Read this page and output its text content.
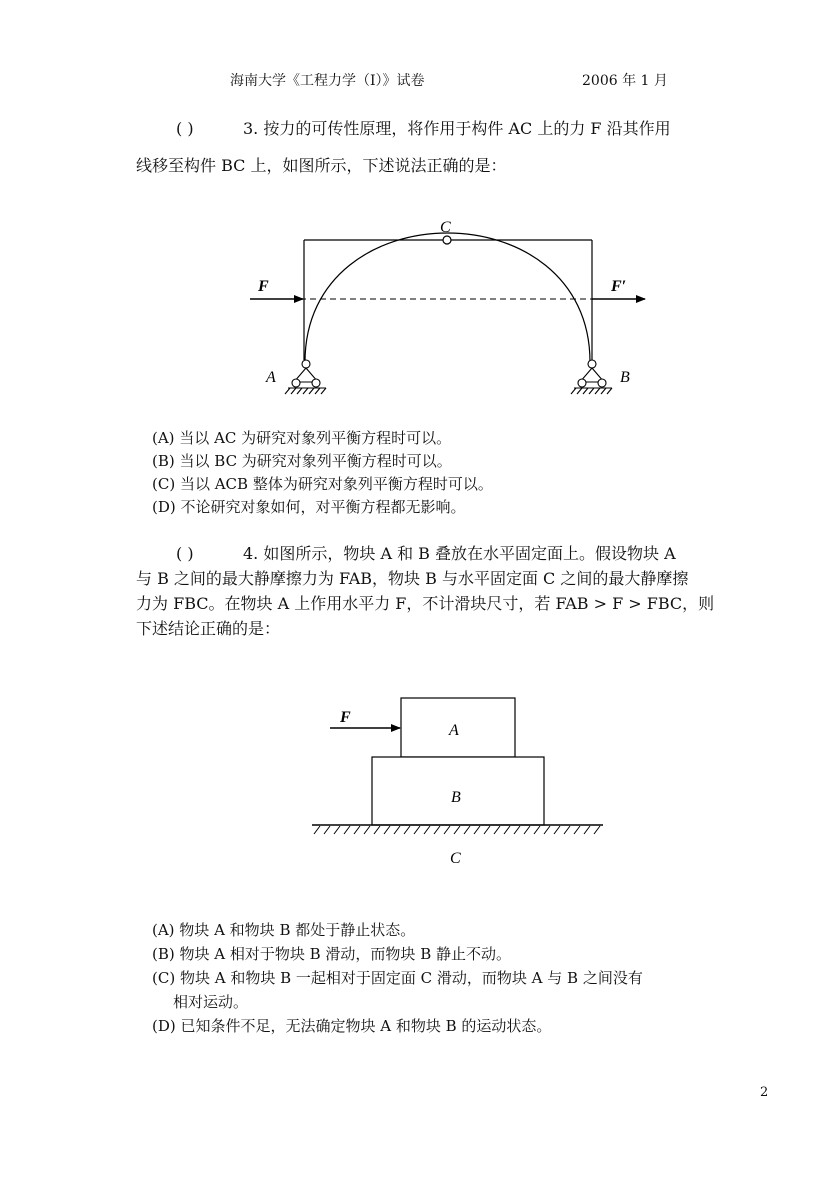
海南大学《工程力学（I）》试卷	2006 年 1 月
( )	3. 按力的可传性原理，将作用于构件 AC 上的力 F 沿其作用
线移至构件 BC 上，如图所示，下述说法正确的是：
C
F	F′
A	B
(A) 当以 AC 为研究对象列平衡方程时可以。
(B) 当以 BC 为研究对象列平衡方程时可以。
(C) 当以 ACB 整体为研究对象列平衡方程时可以。
(D) 不论研究对象如何，对平衡方程都无影响。
( )	4. 如图所示，物块 A 和 B 叠放在水平固定面上。假设物块 A
与 B 之间的最大静摩擦力为 FAB，物块 B 与水平固定面 C 之间的最大静摩擦
力为 FBC。在物块 A 上作用水平力 F，不计滑块尺寸，若 FAB > F > FBC，则
下述结论正确的是：
F
A
B
C
(A) 物块 A 和物块 B 都处于静止状态。
(B) 物块 A 相对于物块 B 滑动，而物块 B 静止不动。
(C) 物块 A 和物块 B 一起相对于固定面 C 滑动，而物块 A 与 B 之间没有
相对运动。
(D) 已知条件不足，无法确定物块 A 和物块 B 的运动状态。
2
